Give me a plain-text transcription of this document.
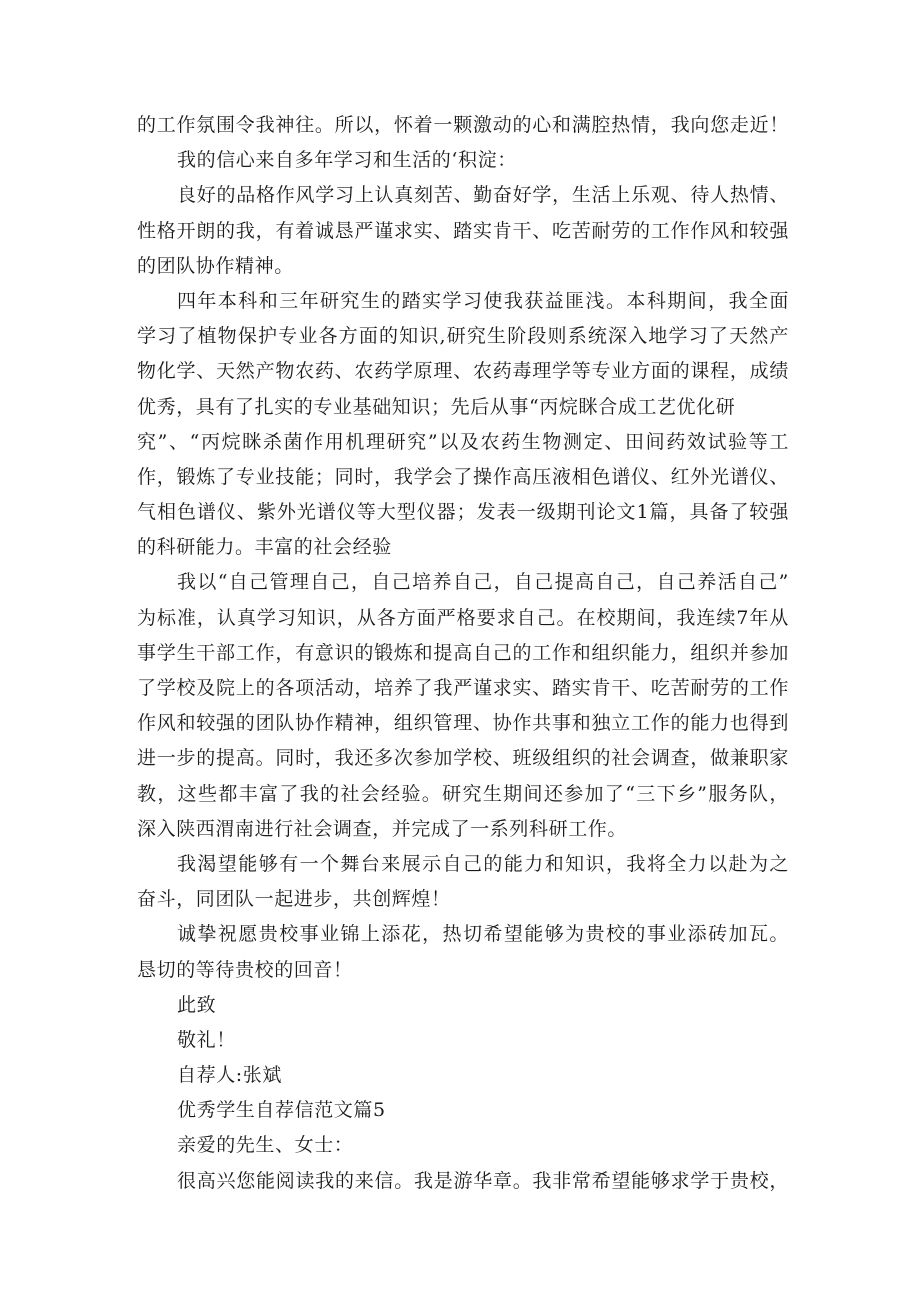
的工作氛围令我神往。所以，怀着一颗激动的心和满腔热情，我向您走近！
我的信心来自多年学习和生活的‘积淀：
良好的品格作风学习上认真刻苦、勤奋好学，生活上乐观、待人热情、
性格开朗的我，有着诚恳严谨求实、踏实肯干、吃苦耐劳的工作作风和较强
的团队协作精神。
四年本科和三年研究生的踏实学习使我获益匪浅。本科期间，我全面
学习了植物保护专业各方面的知识,研究生阶段则系统深入地学习了天然产
物化学、天然产物农药、农药学原理、农药毒理学等专业方面的课程，成绩
优秀，具有了扎实的专业基础知识；先后从事“丙烷眯合成工艺优化研
究”、“丙烷眯杀菌作用机理研究”以及农药生物测定、田间药效试验等工
作，锻炼了专业技能；同时，我学会了操作高压液相色谱仪、红外光谱仪、
气相色谱仪、紫外光谱仪等大型仪器；发表一级期刊论文1篇，具备了较强
的科研能力。丰富的社会经验
我以“自己管理自己，自己培养自己，自己提高自己，自己养活自己”
为标准，认真学习知识，从各方面严格要求自己。在校期间，我连续7年从
事学生干部工作，有意识的锻炼和提高自己的工作和组织能力，组织并参加
了学校及院上的各项活动，培养了我严谨求实、踏实肯干、吃苦耐劳的工作
作风和较强的团队协作精神，组织管理、协作共事和独立工作的能力也得到
进一步的提高。同时，我还多次参加学校、班级组织的社会调查，做兼职家
教，这些都丰富了我的社会经验。研究生期间还参加了“三下乡”服务队，
深入陕西渭南进行社会调查，并完成了一系列科研工作。
我渴望能够有一个舞台来展示自己的能力和知识，我将全力以赴为之
奋斗，同团队一起进步，共创辉煌！
诚挚祝愿贵校事业锦上添花，热切希望能够为贵校的事业添砖加瓦。
恳切的等待贵校的回音！
此致
敬礼！
自荐人:张斌
优秀学生自荐信范文篇5
亲爱的先生、女士：
很高兴您能阅读我的来信。我是游华章。我非常希望能够求学于贵校，
